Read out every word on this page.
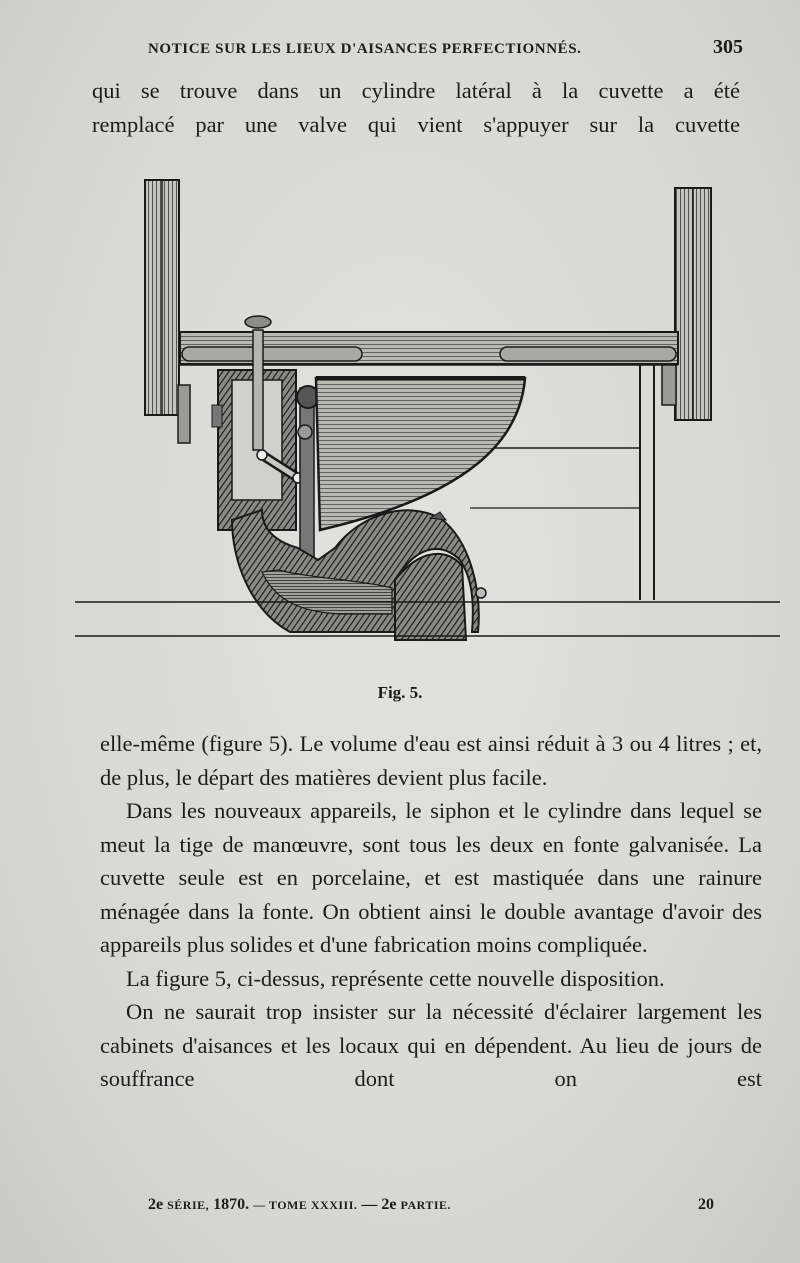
NOTICE SUR LES LIEUX D'AISANCES PERFECTIONNÉS.	305

qui se trouve dans un cylindre latéral à la cuvette a été

remplacé par une valve qui vient s'appuyer sur la cuvette

Fig. 5.

elle-même (figure 5). Le volume d'eau est ainsi réduit à 3 ou 4 litres ; et, de plus, le départ des matières devient plus facile.

Dans les nouveaux appareils, le siphon et le cylindre dans lequel se meut la tige de manœuvre, sont tous les deux en fonte galvanisée. La cuvette seule est en porcelaine, et est mastiquée dans une rainure ménagée dans la fonte. On obtient ainsi le double avantage d'avoir des appareils plus solides et d'une fabrication moins compliquée.

La figure 5, ci-dessus, représente cette nouvelle disposition.

On ne saurait trop insister sur la nécessité d'éclairer largement les cabinets d'aisances et les locaux qui en dépendent. Au lieu de jours de souffrance dont on est

2e SÉRIE, 1870. — TOME XXXIII. — 2e PARTIE.	20
